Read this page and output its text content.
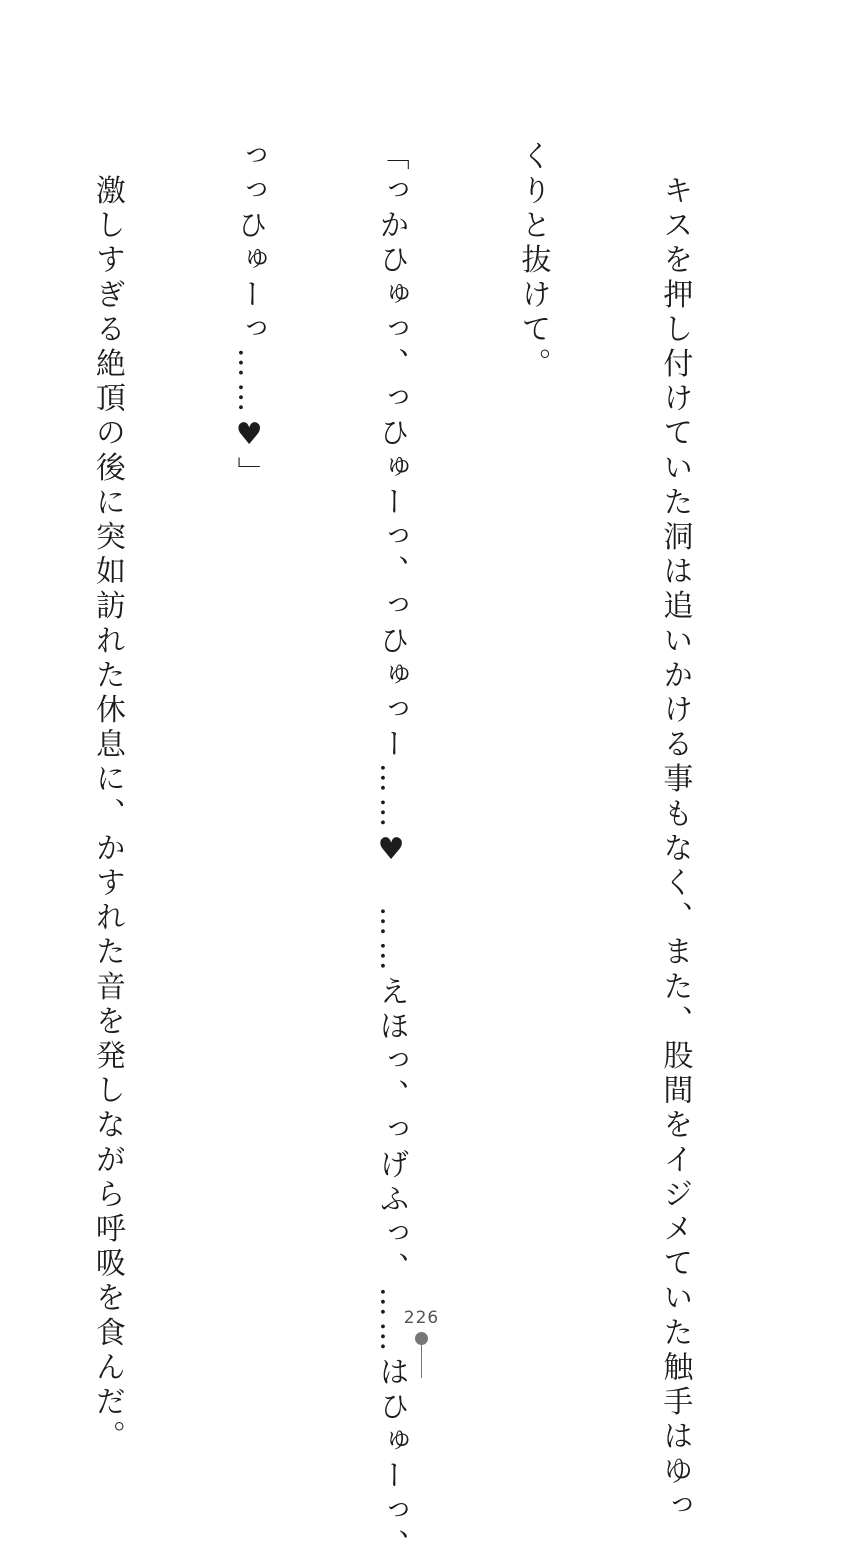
　キスを押し付けていた洞は追いかける事もなく、また、股間をイジメていた触手はゆっ

くりと抜けて。

「っかひゅっ、っひゅーっ、っひゅっー……♥　……えほっ、っげふっ、……はひゅーっ、

っっひゅーっ……♥」

　激しすぎる絶頂の後に突如訪れた休息に、かすれた音を発しながら呼吸を食んだ。

	226
